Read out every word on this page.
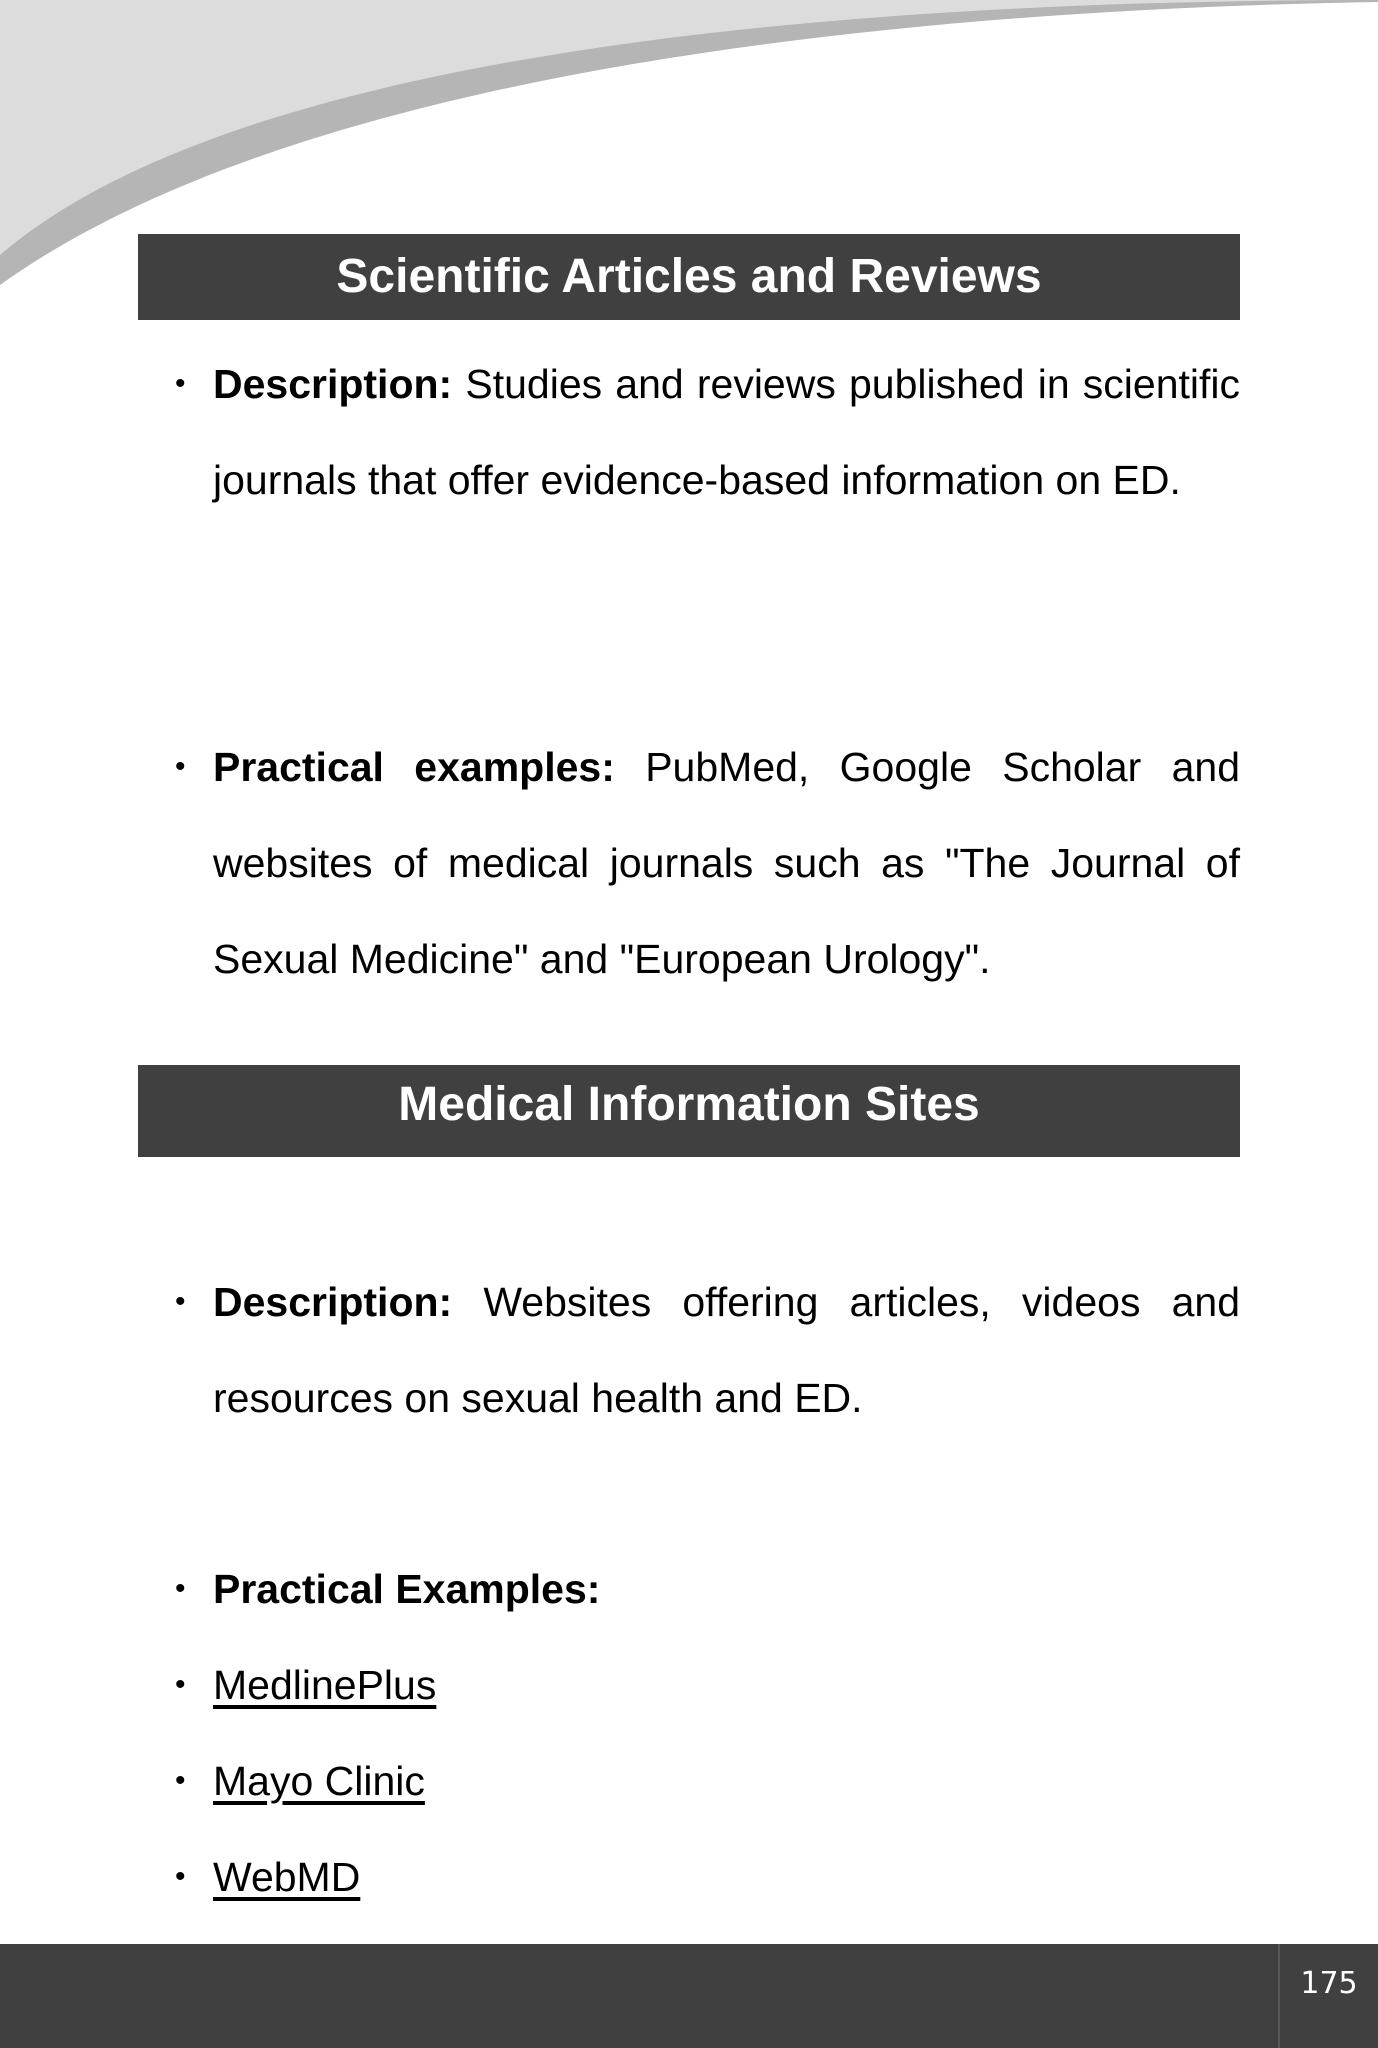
Scientific Articles and Reviews
• Description: Studies and reviews published in scientific journals that offer evidence-based information on ED.
• Practical examples: PubMed, Google Scholar and websites of medical journals such as "The Journal of Sexual Medicine" and "European Urology".
Medical Information Sites
• Description: Websites offering articles, videos and resources on sexual health and ED.
• Practical Examples:
• MedlinePlus
• Mayo Clinic
• WebMD
175
